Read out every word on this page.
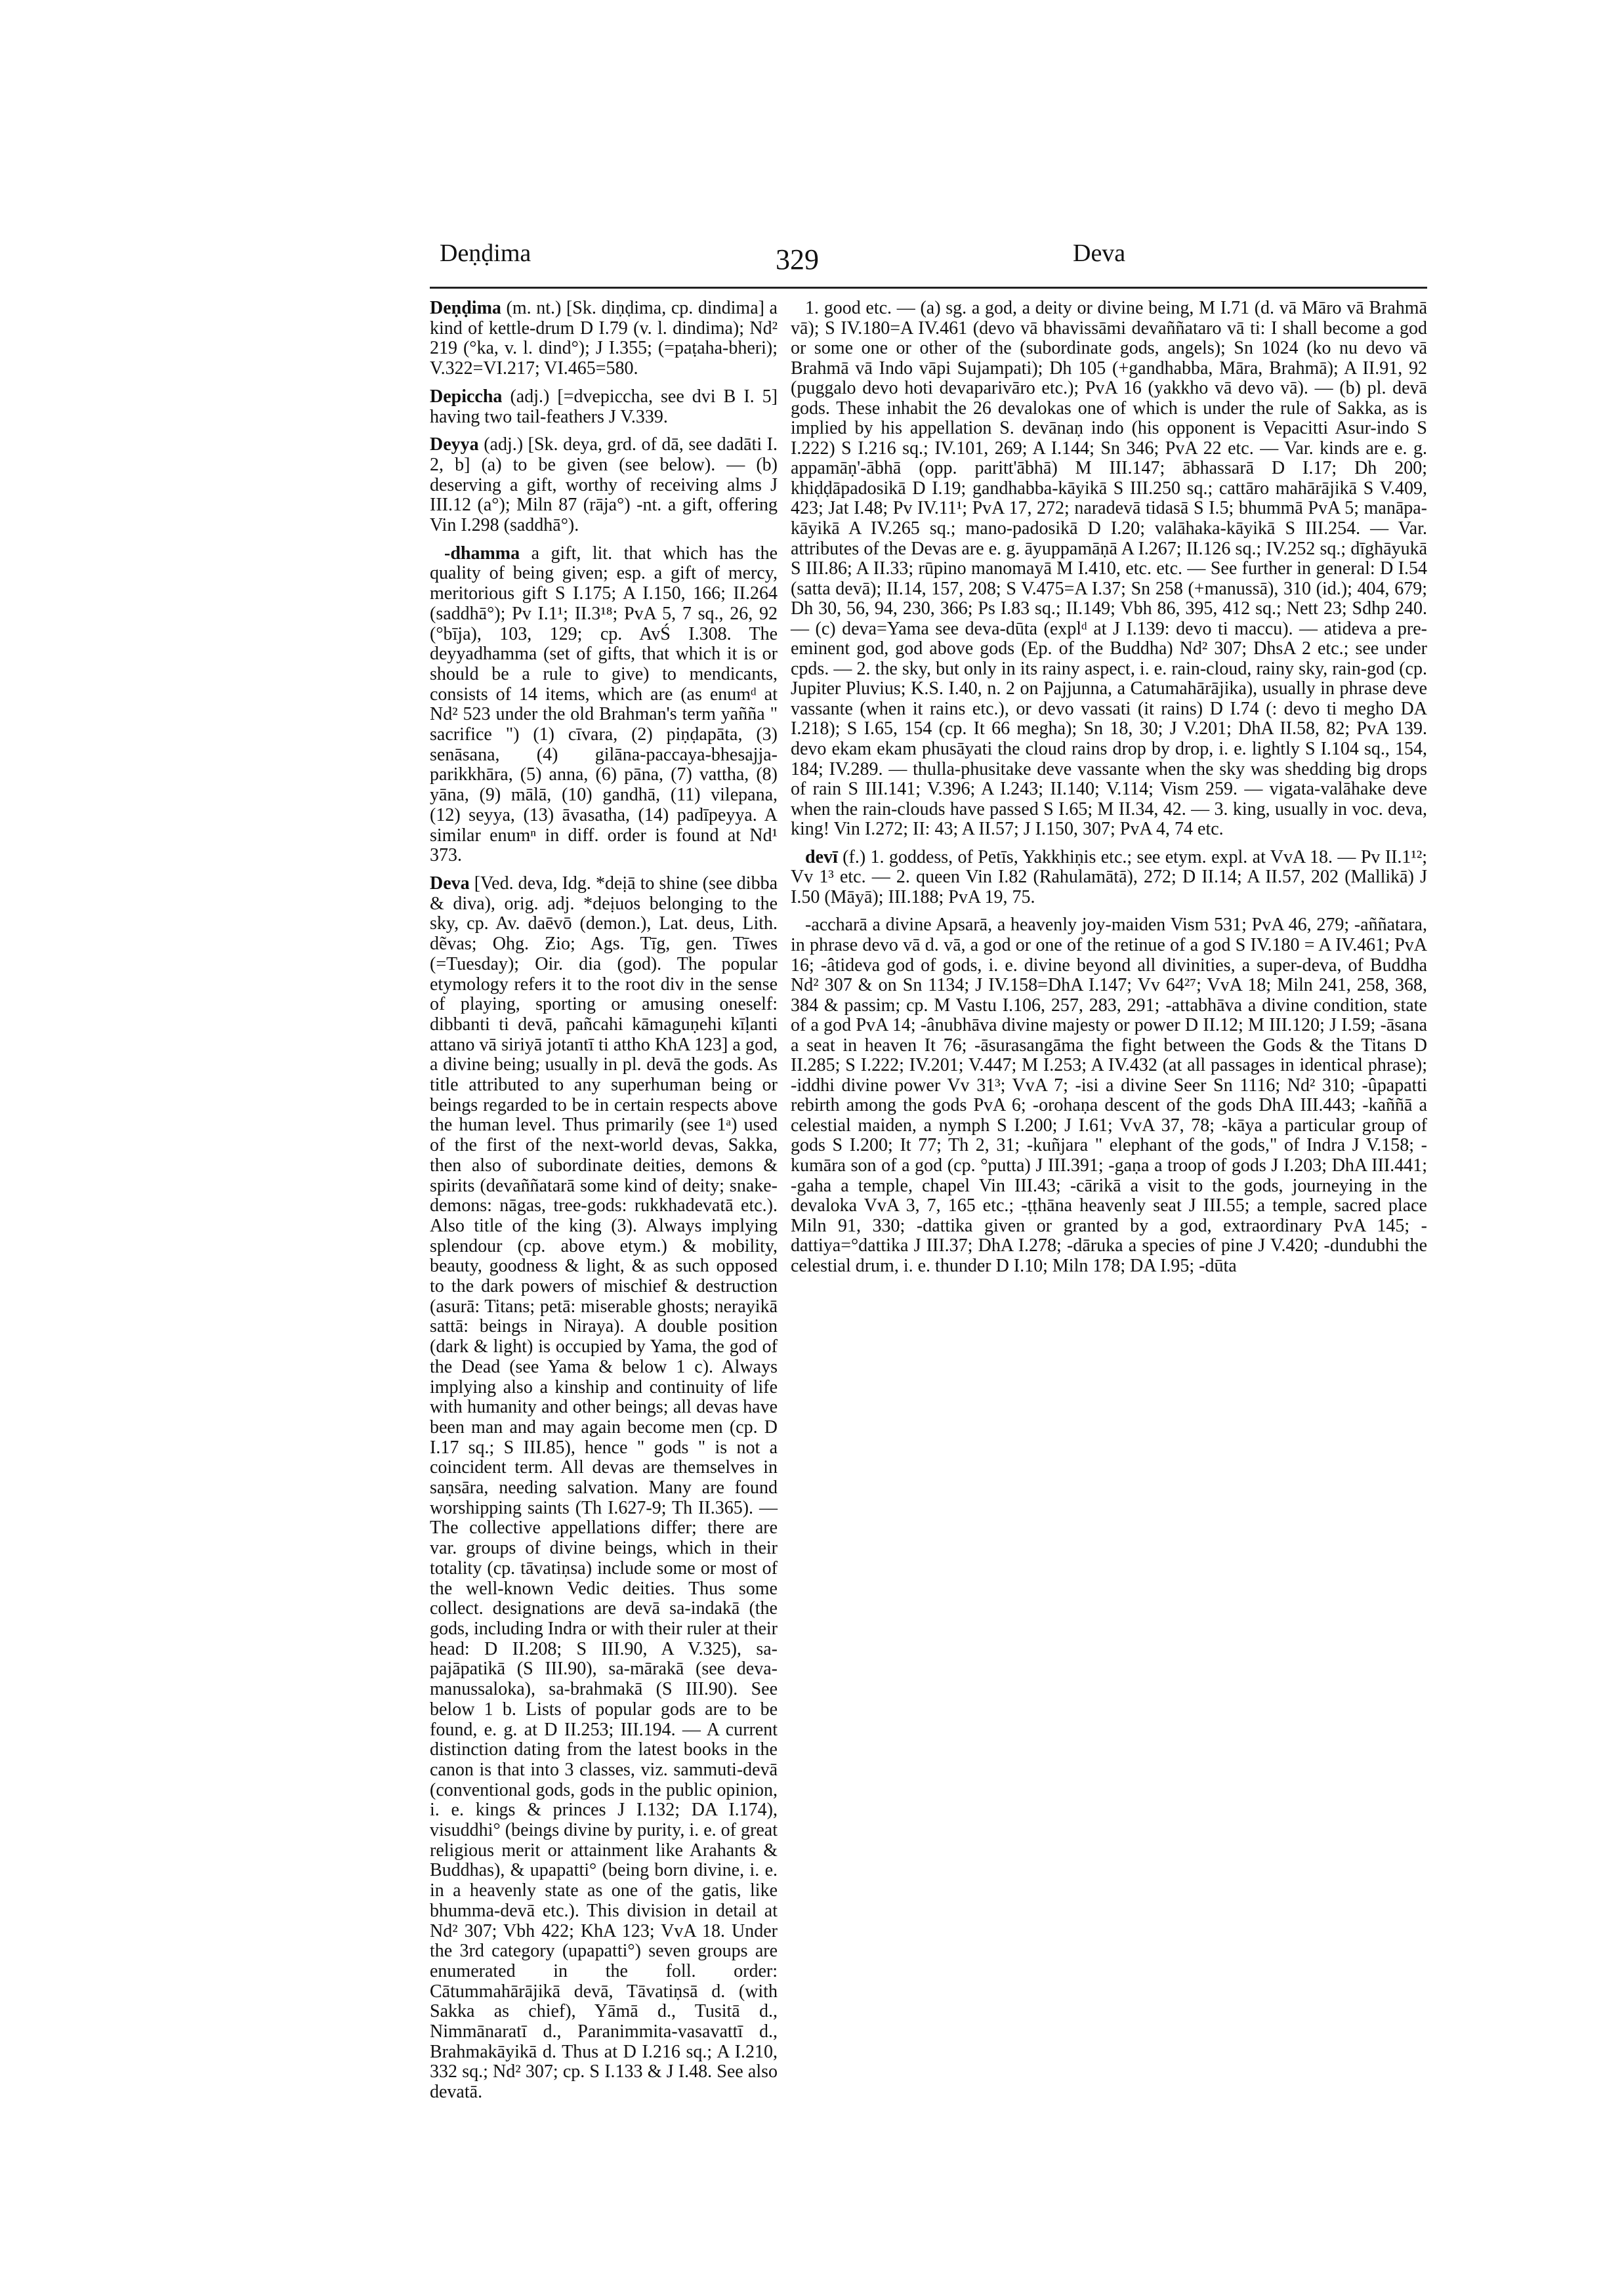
Deṇḍima	329	Deva

Deṇḍima (m. nt.) [Sk. diṇḍima, cp. dindima] a kind of kettle-drum D I.79 (v. l. dindima); Nd² 219 (°ka, v. l. dind°); J I.355; (=paṭaha-bheri); V.322=VI.217; VI.465=580.

Depiccha (adj.) [=dvepiccha, see dvi B I. 5] having two tail-feathers J V.339.

Deyya (adj.) [Sk. deya, grd. of dā, see dadāti I. 2, b] (a) to be given (see below). — (b) deserving a gift, worthy of receiving alms J III.12 (a°); Miln 87 (rāja°) -nt. a gift, offering Vin I.298 (saddhā°).

-dhamma a gift, lit. that which has the quality of being given; esp. a gift of mercy, meritorious gift S I.175; A I.150, 166; II.264 (saddhā°); Pv I.1¹; II.3¹⁸; PvA 5, 7 sq., 26, 92 (°bīja), 103, 129; cp. AvŚ I.308. The deyyadhamma (set of gifts, that which it is or should be a rule to give) to mendicants, consists of 14 items, which are (as enumᵈ at Nd² 523 under the old Brahman's term yañña " sacrifice ") (1) cīvara, (2) piṇḍapāta, (3) senāsana, (4) gilāna-paccaya-bhesajja-parikkhāra, (5) anna, (6) pāna, (7) vattha, (8) yāna, (9) mālā, (10) gandhā, (11) vilepana, (12) seyya, (13) āvasatha, (14) padīpeyya. A similar enumⁿ in diff. order is found at Nd¹ 373.

Deva [Ved. deva, Idg. *deịā to shine (see dibba & diva), orig. adj. *deịuos belonging to the sky, cp. Av. daēvō (demon.), Lat. deus, Lith. dẽvas; Ohg. Ƶio; Ags. Tīg, gen. Tīwes (=Tuesday); Oir. dia (god). The popular etymology refers it to the root div in the sense of playing, sporting or amusing oneself: dibbanti ti devā, pañcahi kāmaguṇehi kīḷanti attano vā siriyā jotantī ti attho KhA 123] a god, a divine being; usually in pl. devā the gods. As title attributed to any superhuman being or beings regarded to be in certain respects above the human level. Thus primarily (see 1ᵃ) used of the first of the next-world devas, Sakka, then also of subordinate deities, demons & spirits (devaññatarā some kind of deity; snake-demons: nāgas, tree-gods: rukkhadevatā etc.). Also title of the king (3). Always implying splendour (cp. above etym.) & mobility, beauty, goodness & light, & as such opposed to the dark powers of mischief & destruction (asurā: Titans; petā: miserable ghosts; nerayikā sattā: beings in Niraya). A double position (dark & light) is occupied by Yama, the god of the Dead (see Yama & below 1 c). Always implying also a kinship and continuity of life with humanity and other beings; all devas have been man and may again become men (cp. D I.17 sq.; S III.85), hence " gods " is not a coincident term. All devas are themselves in saṇsāra, needing salvation. Many are found worshipping saints (Th I.627-9; Th II.365). — The collective appellations differ; there are var. groups of divine beings, which in their totality (cp. tāvatiṇsa) include some or most of the well-known Vedic deities. Thus some collect. designations are devā sa-indakā (the gods, including Indra or with their ruler at their head: D II.208; S III.90, A V.325), sa-pajāpatikā (S III.90), sa-mārakā (see deva-manussaloka), sa-brahmakā (S III.90). See below 1 b. Lists of popular gods are to be found, e. g. at D II.253; III.194. — A current distinction dating from the latest books in the canon is that into 3 classes, viz. sammuti-devā (conventional gods, gods in the public opinion, i. e. kings & princes J I.132; DA I.174), visuddhi° (beings divine by purity, i. e. of great religious merit or attainment like Arahants & Buddhas), & upapatti° (being born divine, i. e. in a heavenly state as one of the gatis, like bhumma-devā etc.). This division in detail at Nd² 307; Vbh 422; KhA 123; VvA 18. Under the 3rd category (upapatti°) seven groups are enumerated in the foll. order: Cātummahārājikā devā, Tāvatiṇsā d. (with Sakka as chief), Yāmā d., Tusitā d., Nimmānaratī d., Paranimmita-vasavattī d., Brahmakāyikā d. Thus at D I.216 sq.; A I.210, 332 sq.; Nd² 307; cp. S I.133 & J I.48. See also devatā.

1. good etc. — (a) sg. a god, a deity or divine being, M I.71 (d. vā Māro vā Brahmā vā); S IV.180=A IV.461 (devo vā bhavissāmi devaññataro vā ti: I shall become a god or some one or other of the (subordinate gods, angels); Sn 1024 (ko nu devo vā Brahmā vā Indo vāpi Sujampati); Dh 105 (+gandhabba, Māra, Brahmā); A II.91, 92 (puggalo devo hoti devaparivāro etc.); PvA 16 (yakkho vā devo vā). — (b) pl. devā gods. These inhabit the 26 devalokas one of which is under the rule of Sakka, as is implied by his appellation S. devānaṇ indo (his opponent is Vepacitti Asur-indo S I.222) S I.216 sq.; IV.101, 269; A I.144; Sn 346; PvA 22 etc. — Var. kinds are e. g. appamāṇ'-ābhā (opp. paritt'ābhā) M III.147; ābhassarā D I.17; Dh 200; khiḍḍāpadosikā D I.19; gandhabba-kāyikā S III.250 sq.; cattāro mahārājikā S V.409, 423; Jat I.48; Pv IV.11¹; PvA 17, 272; naradevā tidasā S I.5; bhummā PvA 5; manāpa-kāyikā A IV.265 sq.; mano-padosikā D I.20; valāhaka-kāyikā S III.254. — Var. attributes of the Devas are e. g. āyuppamāṇā A I.267; II.126 sq.; IV.252 sq.; dīghāyukā S III.86; A II.33; rūpino manomayā M I.410, etc. etc. — See further in general: D I.54 (satta devā); II.14, 157, 208; S V.475=A I.37; Sn 258 (+manussā), 310 (id.); 404, 679; Dh 30, 56, 94, 230, 366; Ps I.83 sq.; II.149; Vbh 86, 395, 412 sq.; Nett 23; Sdhp 240. — (c) deva=Yama see deva-dūta (explᵈ at J I.139: devo ti maccu). — atideva a pre-eminent god, god above gods (Ep. of the Buddha) Nd² 307; DhsA 2 etc.; see under cpds. — 2. the sky, but only in its rainy aspect, i. e. rain-cloud, rainy sky, rain-god (cp. Jupiter Pluvius; K.S. I.40, n. 2 on Pajjunna, a Catumahārājika), usually in phrase deve vassante (when it rains etc.), or devo vassati (it rains) D I.74 (: devo ti megho DA I.218); S I.65, 154 (cp. It 66 megha); Sn 18, 30; J V.201; DhA II.58, 82; PvA 139. devo ekam ekam phusāyati the cloud rains drop by drop, i. e. lightly S I.104 sq., 154, 184; IV.289. — thulla-phusitake deve vassante when the sky was shedding big drops of rain S III.141; V.396; A I.243; II.140; V.114; Vism 259. — vigata-valāhake deve when the rain-clouds have passed S I.65; M II.34, 42. — 3. king, usually in voc. deva, king! Vin I.272; II: 43; A II.57; J I.150, 307; PvA 4, 74 etc.

devī (f.) 1. goddess, of Petīs, Yakkhiṇis etc.; see etym. expl. at VvA 18. — Pv II.1¹²; Vv 1³ etc. — 2. queen Vin I.82 (Rahulamātā), 272; D II.14; A II.57, 202 (Mallikā) J I.50 (Māyā); III.188; PvA 19, 75.

-accharā a divine Apsarā, a heavenly joy-maiden Vism 531; PvA 46, 279; -aññatara, in phrase devo vā d. vā, a god or one of the retinue of a god S IV.180 = A IV.461; PvA 16; -âtideva god of gods, i. e. divine beyond all divinities, a super-deva, of Buddha Nd² 307 & on Sn 1134; J IV.158=DhA I.147; Vv 64²⁷; VvA 18; Miln 241, 258, 368, 384 & passim; cp. M Vastu I.106, 257, 283, 291; -attabhāva a divine condition, state of a god PvA 14; -ânubhāva divine majesty or power D II.12; M III.120; J I.59; -āsana a seat in heaven It 76; -āsurasangāma the fight between the Gods & the Titans D II.285; S I.222; IV.201; V.447; M I.253; A IV.432 (at all passages in identical phrase); -iddhi divine power Vv 31³; VvA 7; -isi a divine Seer Sn 1116; Nd² 310; -ûpapatti rebirth among the gods PvA 6; -orohaṇa descent of the gods DhA III.443; -kaññā a celestial maiden, a nymph S I.200; J I.61; VvA 37, 78; -kāya a particular group of gods S I.200; It 77; Th 2, 31; -kuñjara " elephant of the gods," of Indra J V.158; -kumāra son of a god (cp. °putta) J III.391; -gaṇa a troop of gods J I.203; DhA III.441; -gaha a temple, chapel Vin III.43; -cārikā a visit to the gods, journeying in the devaloka VvA 3, 7, 165 etc.; -ṭṭhāna heavenly seat J III.55; a temple, sacred place Miln 91, 330; -dattika given or granted by a god, extraordinary PvA 145; -dattiya=°dattika J III.37; DhA I.278; -dāruka a species of pine J V.420; -dundubhi the celestial drum, i. e. thunder D I.10; Miln 178; DA I.95; -dūta
